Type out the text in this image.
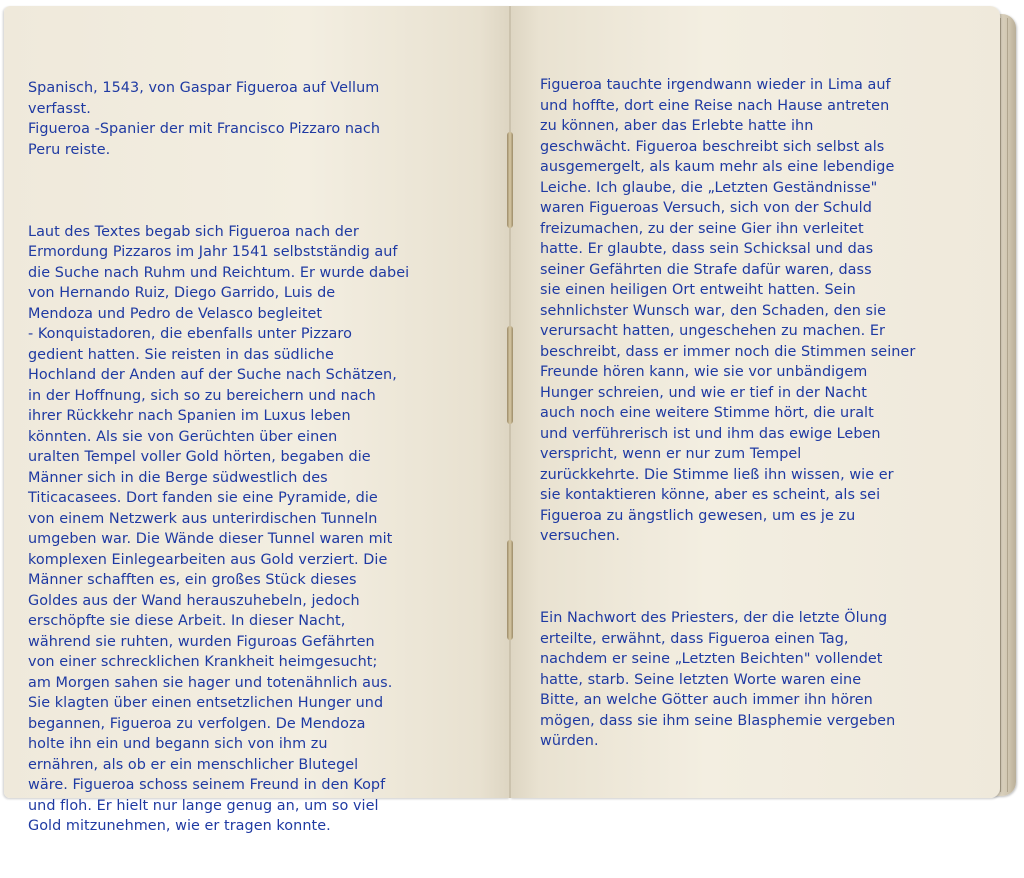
Spanisch, 1543, von Gaspar Figueroa auf Vellum
verfasst.
Figueroa -Spanier der mit Francisco Pizzaro nach
Peru reiste.

Laut des Textes begab sich Figueroa nach der
Ermordung Pizzaros im Jahr 1541 selbstständig auf
die Suche nach Ruhm und Reichtum. Er wurde dabei
von Hernando Ruiz, Diego Garrido, Luis de
Mendoza und Pedro de Velasco begleitet
- Konquistadoren, die ebenfalls unter Pizzaro
gedient hatten. Sie reisten in das südliche
Hochland der Anden auf der Suche nach Schätzen,
in der Hoffnung, sich so zu bereichern und nach
ihrer Rückkehr nach Spanien im Luxus leben
könnten. Als sie von Gerüchten über einen
uralten Tempel voller Gold hörten, begaben die
Männer sich in die Berge südwestlich des
Titicacasees. Dort fanden sie eine Pyramide, die
von einem Netzwerk aus unterirdischen Tunneln
umgeben war. Die Wände dieser Tunnel waren mit
komplexen Einlegearbeiten aus Gold verziert. Die
Männer schafften es, ein großes Stück dieses
Goldes aus der Wand herauszuhebeln, jedoch
erschöpfte sie diese Arbeit. In dieser Nacht,
während sie ruhten, wurden Figuroas Gefährten
von einer schrecklichen Krankheit heimgesucht;
am Morgen sahen sie hager und totenähnlich aus.
Sie klagten über einen entsetzlichen Hunger und
begannen, Figueroa zu verfolgen. De Mendoza
holte ihn ein und begann sich von ihm zu
ernähren, als ob er ein menschlicher Blutegel
wäre. Figueroa schoss seinem Freund in den Kopf
und floh. Er hielt nur lange genug an, um so viel
Gold mitzunehmen, wie er tragen konnte.

Figueroa tauchte irgendwann wieder in Lima auf
und hoffte, dort eine Reise nach Hause antreten
zu können, aber das Erlebte hatte ihn
geschwächt. Figueroa beschreibt sich selbst als
ausgemergelt, als kaum mehr als eine lebendige
Leiche. Ich glaube, die „Letzten Geständnisse"
waren Figueroas Versuch, sich von der Schuld
freizumachen, zu der seine Gier ihn verleitet
hatte. Er glaubte, dass sein Schicksal und das
seiner Gefährten die Strafe dafür waren, dass
sie einen heiligen Ort entweiht hatten. Sein
sehnlichster Wunsch war, den Schaden, den sie
verursacht hatten, ungeschehen zu machen. Er
beschreibt, dass er immer noch die Stimmen seiner
Freunde hören kann, wie sie vor unbändigem
Hunger schreien, und wie er tief in der Nacht
auch noch eine weitere Stimme hört, die uralt
und verführerisch ist und ihm das ewige Leben
verspricht, wenn er nur zum Tempel
zurückkehrte. Die Stimme ließ ihn wissen, wie er
sie kontaktieren könne, aber es scheint, als sei
Figueroa zu ängstlich gewesen, um es je zu
versuchen.

Ein Nachwort des Priesters, der die letzte Ölung
erteilte, erwähnt, dass Figueroa einen Tag,
nachdem er seine „Letzten Beichten" vollendet
hatte, starb. Seine letzten Worte waren eine
Bitte, an welche Götter auch immer ihn hören
mögen, dass sie ihm seine Blasphemie vergeben
würden.
